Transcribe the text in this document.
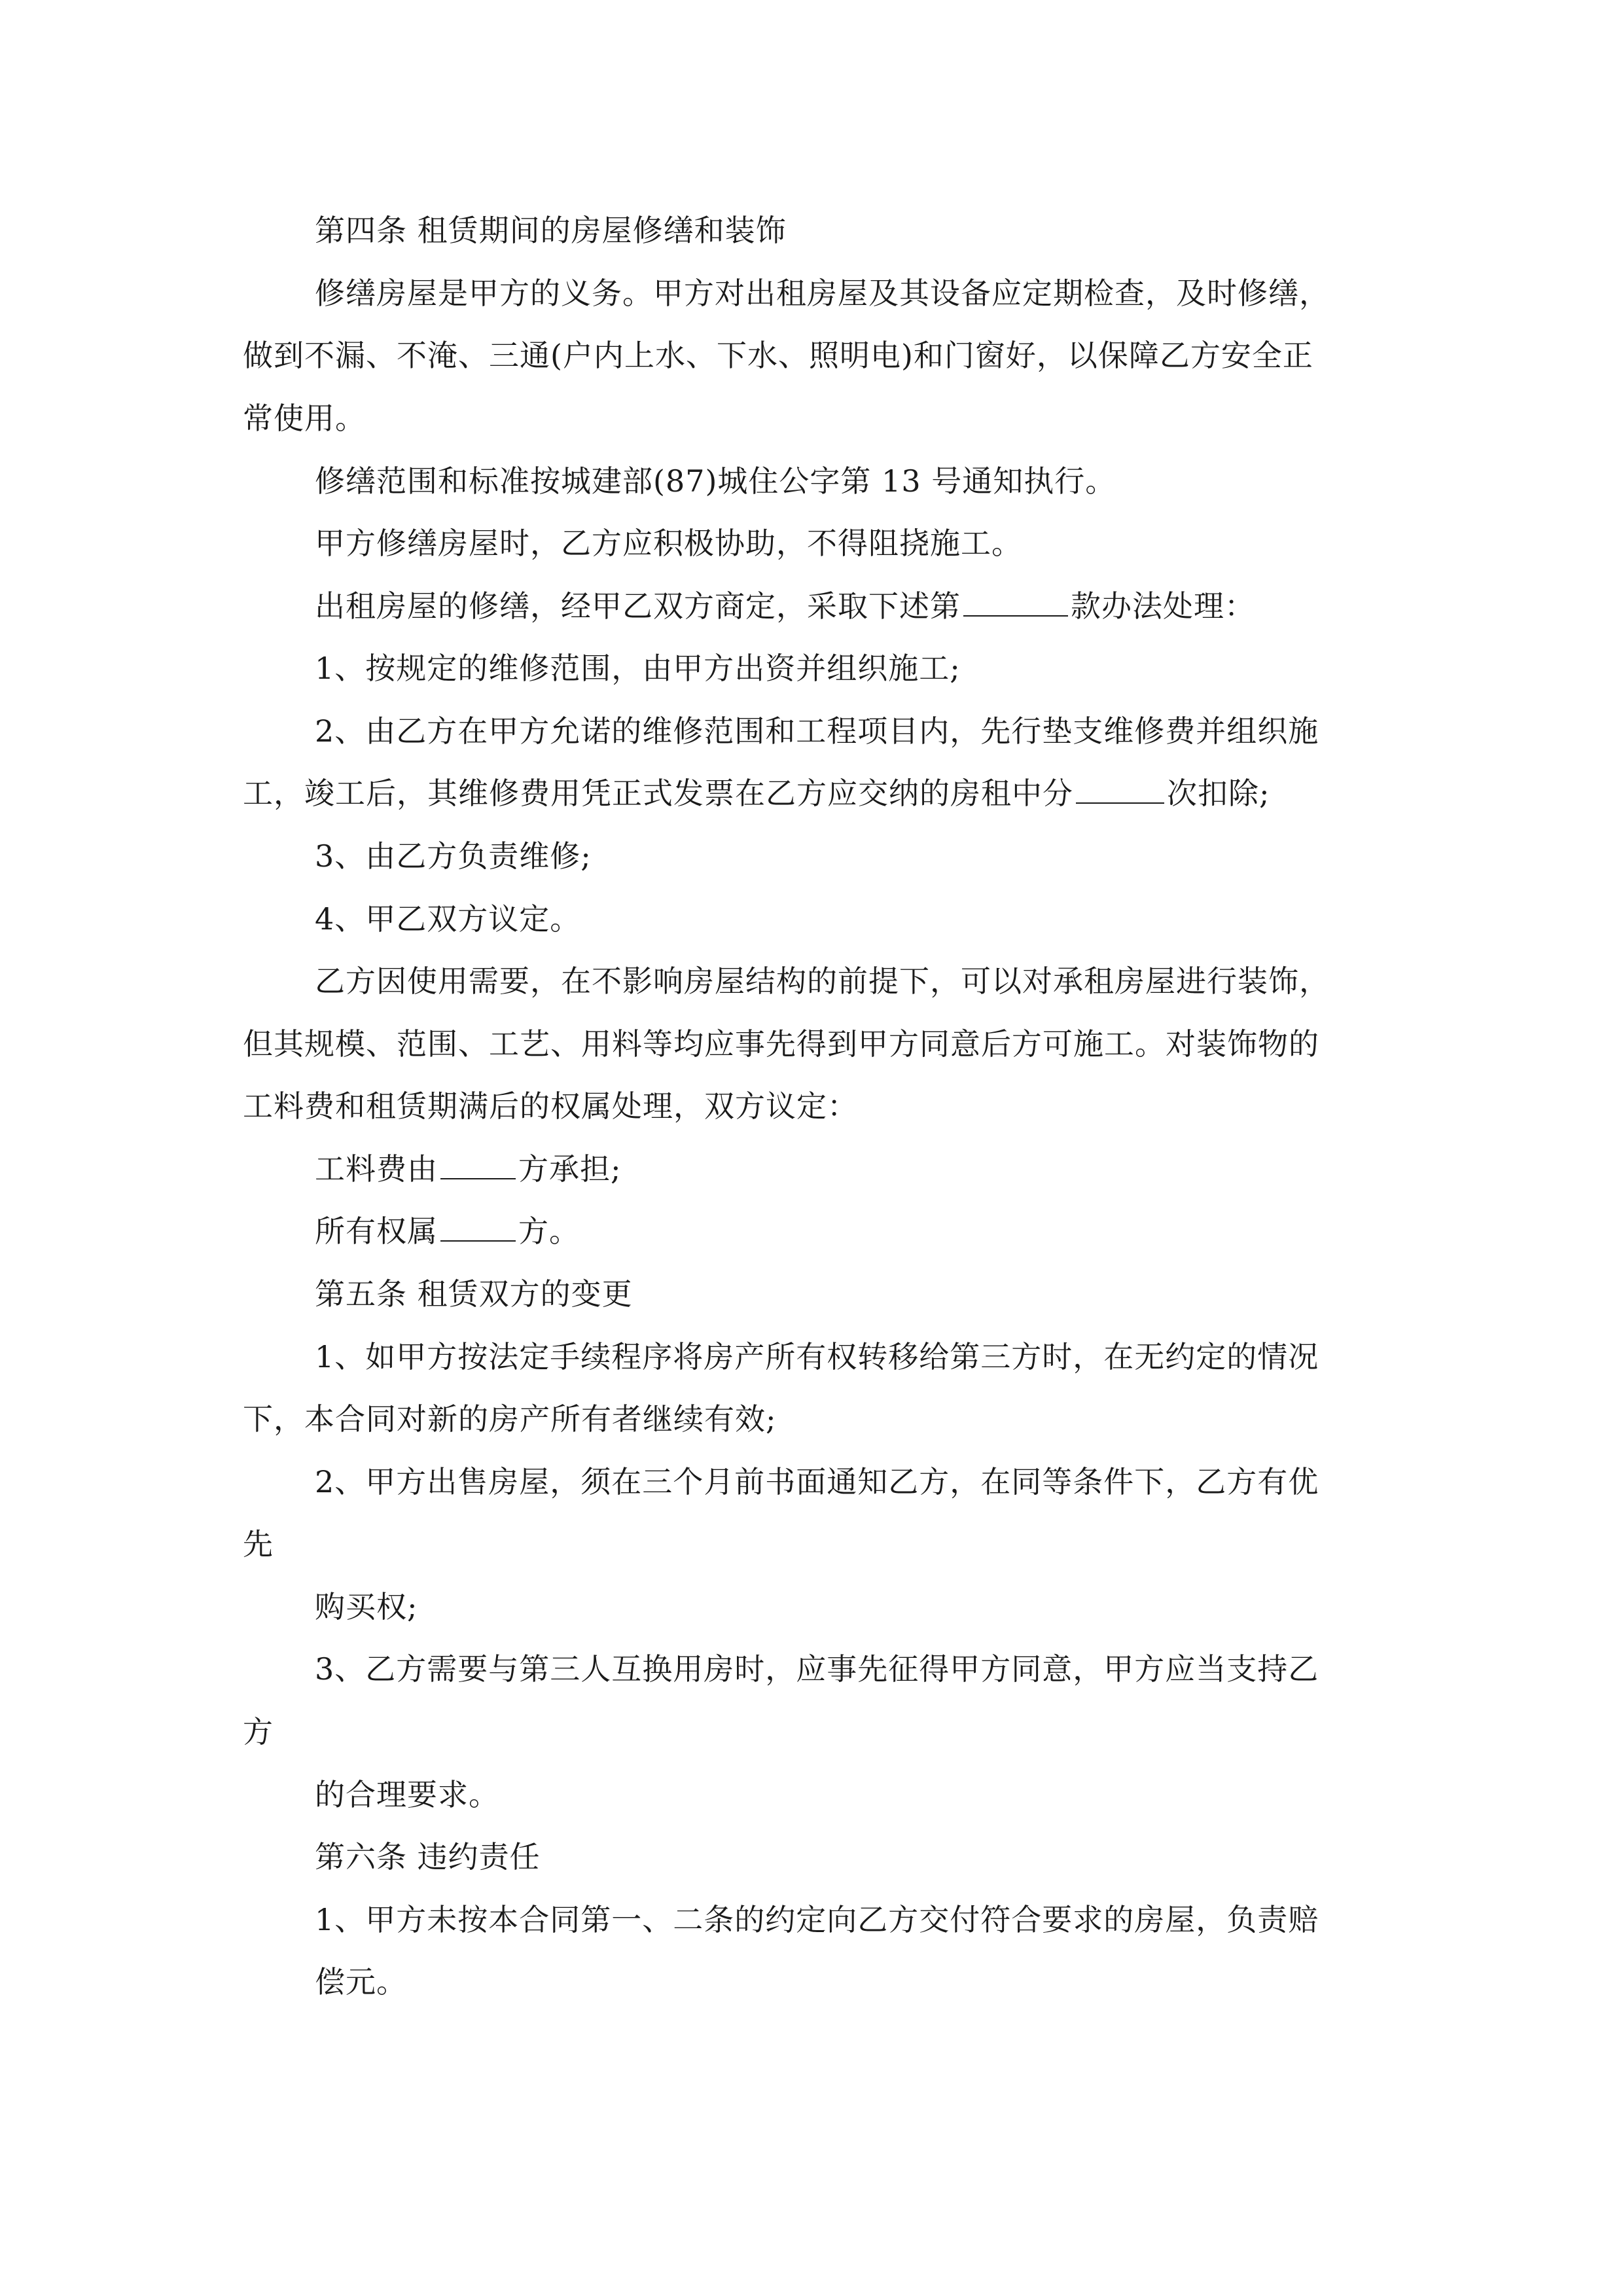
第四条 租赁期间的房屋修缮和装饰
修缮房屋是甲方的义务。甲方对出租房屋及其设备应定期检查，及时修缮，
做到不漏、不淹、三通(户内上水、下水、照明电)和门窗好，以保障乙方安全正
常使用。
修缮范围和标准按城建部(87)城住公字第 13 号通知执行。
甲方修缮房屋时，乙方应积极协助，不得阻挠施工。
出租房屋的修缮，经甲乙双方商定，采取下述第	款办法处理：
1、按规定的维修范围，由甲方出资并组织施工;
2、由乙方在甲方允诺的维修范围和工程项目内，先行垫支维修费并组织施
工，竣工后，其维修费用凭正式发票在乙方应交纳的房租中分	次扣除;
3、由乙方负责维修;
4、甲乙双方议定。
乙方因使用需要，在不影响房屋结构的前提下，可以对承租房屋进行装饰，
但其规模、范围、工艺、用料等均应事先得到甲方同意后方可施工。对装饰物的
工料费和租赁期满后的权属处理，双方议定：
工料费由	方承担;
所有权属	方。
第五条 租赁双方的变更
1、如甲方按法定手续程序将房产所有权转移给第三方时，在无约定的情况
下，本合同对新的房产所有者继续有效;
2、甲方出售房屋，须在三个月前书面通知乙方，在同等条件下，乙方有优
先
购买权;
3、乙方需要与第三人互换用房时，应事先征得甲方同意，甲方应当支持乙
方
的合理要求。
第六条 违约责任
1、甲方未按本合同第一、二条的约定向乙方交付符合要求的房屋，负责赔
偿元。
